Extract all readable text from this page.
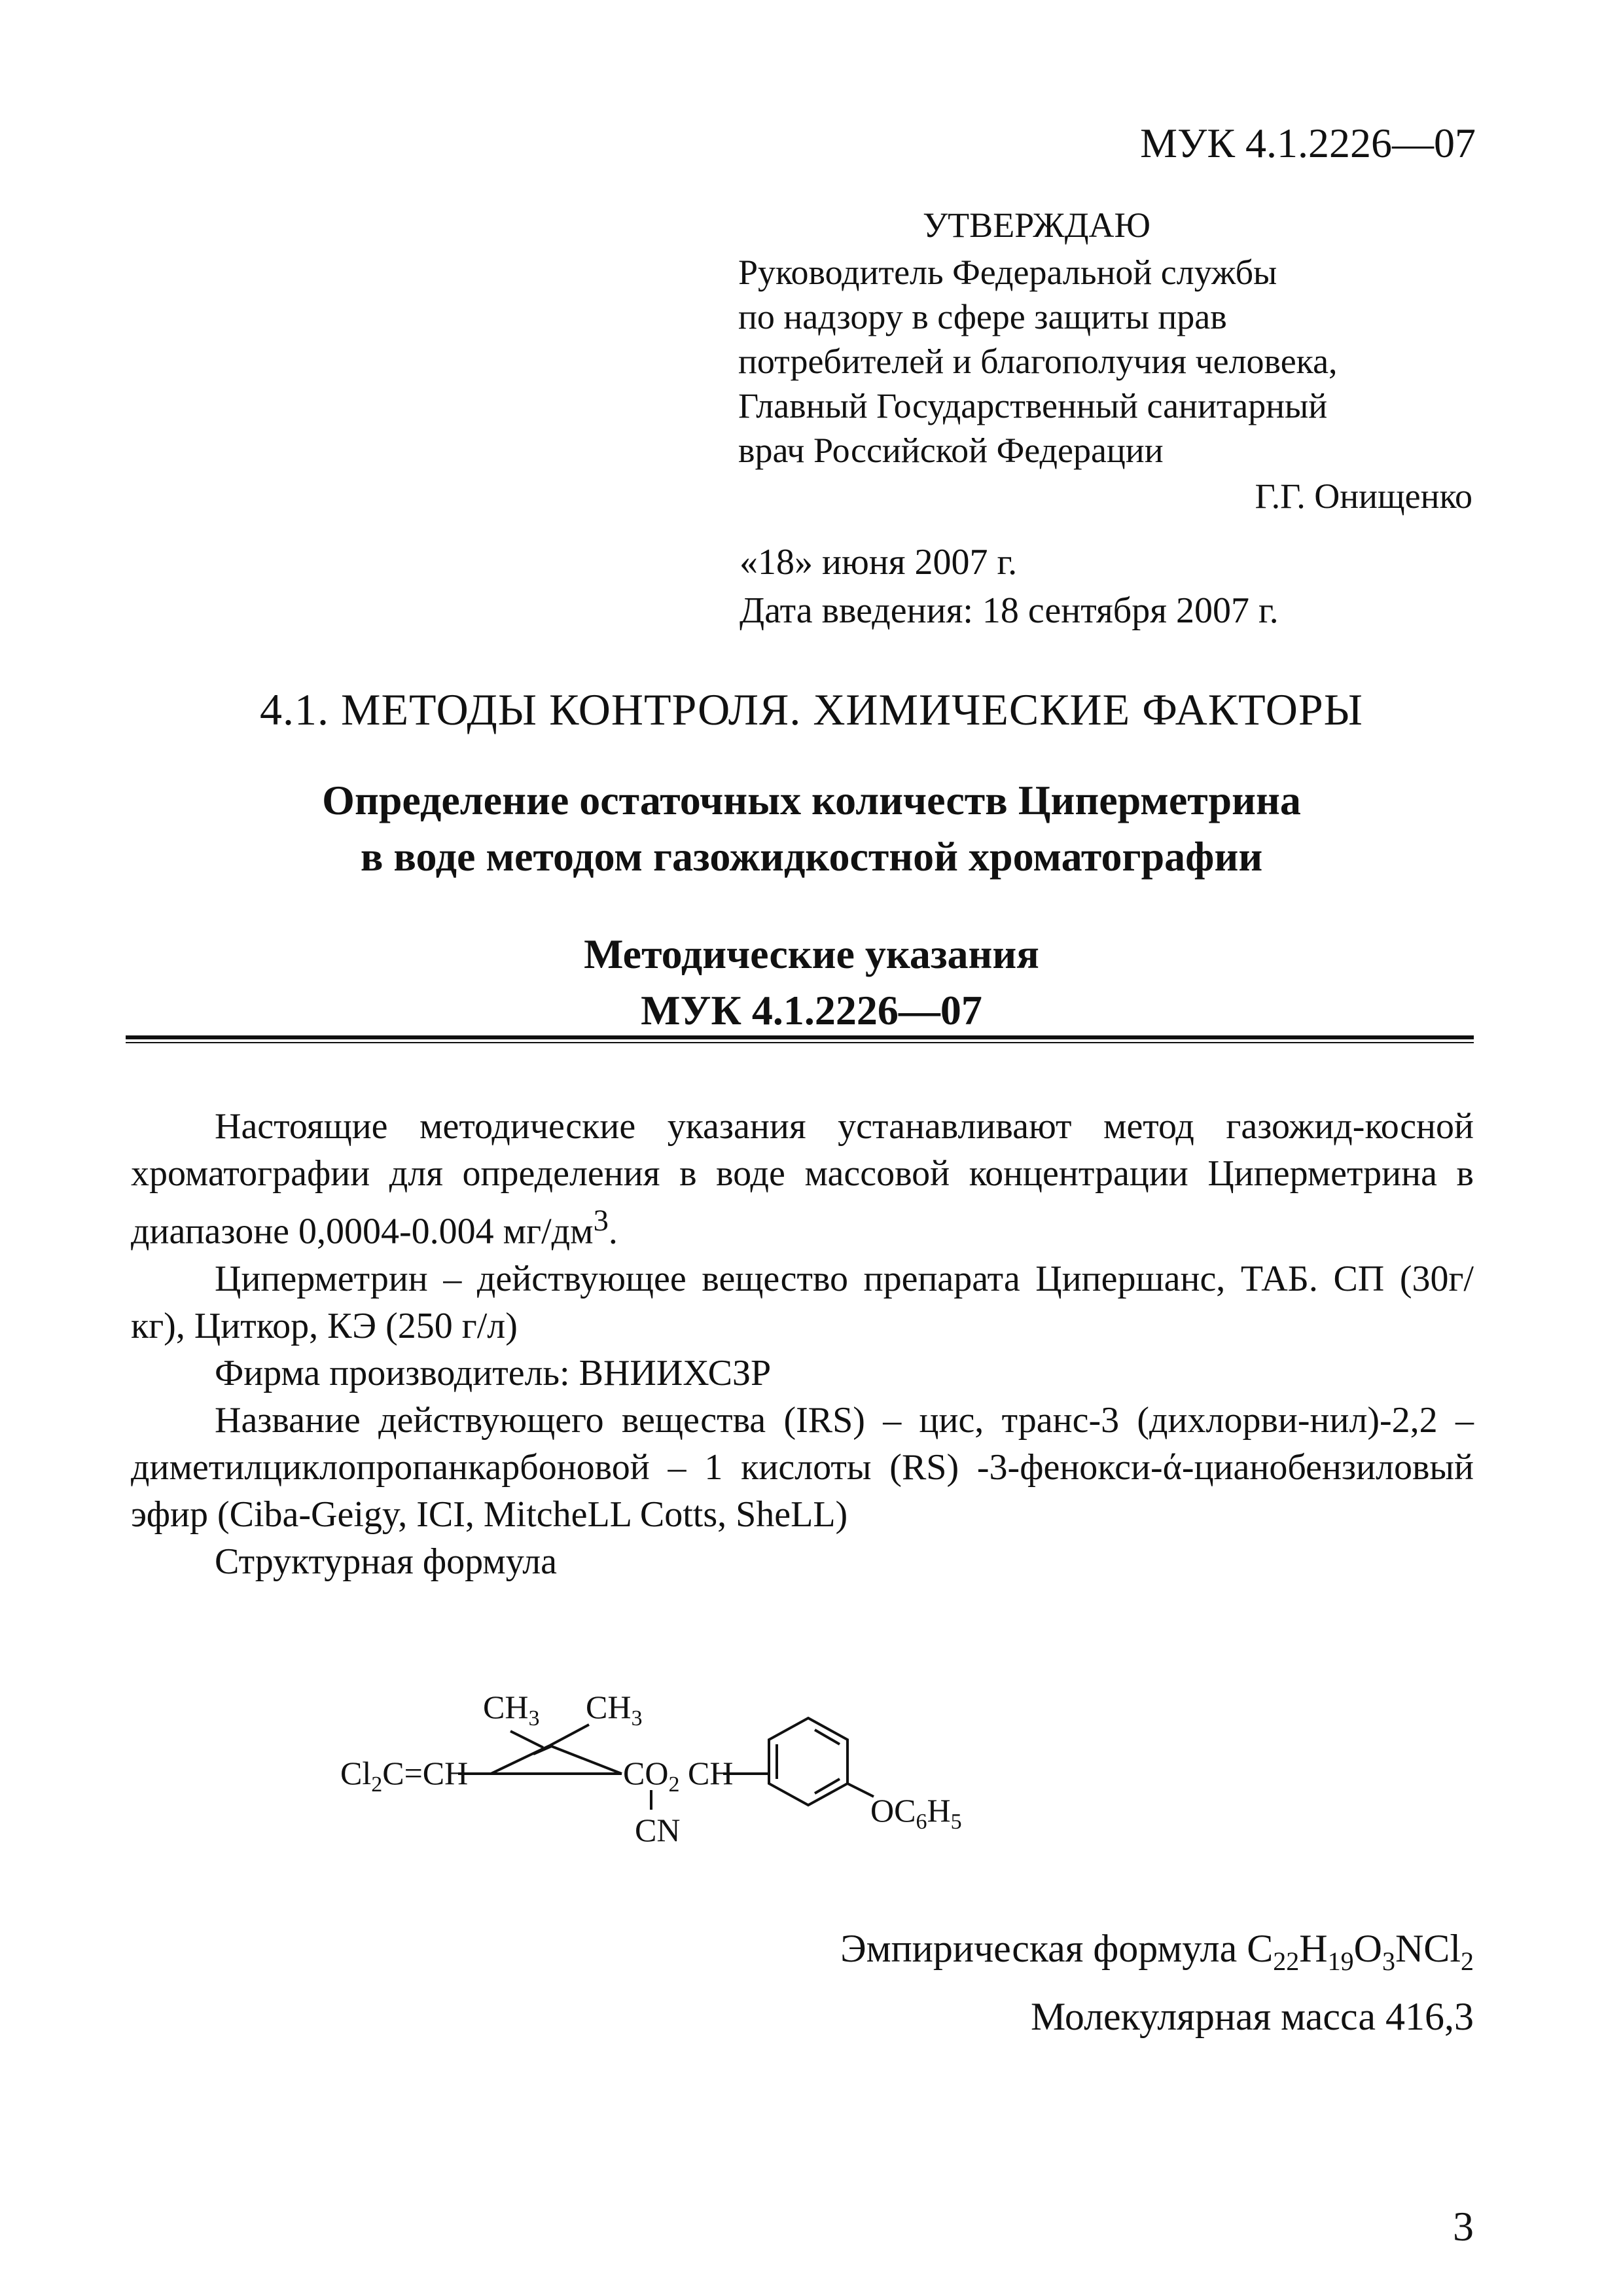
МУК 4.1.2226—07
УТВЕРЖДАЮ
Руководитель Федеральной службы
по надзору в сфере защиты прав
потребителей и благополучия человека,
Главный Государственный санитарный
врач Российской Федерации
Г.Г. Онищенко
«18» июня 2007 г.
Дата введения: 18 сентября 2007 г.
4.1. МЕТОДЫ КОНТРОЛЯ. ХИМИЧЕСКИЕ ФАКТОРЫ
Определение остаточных количеств Циперметрина
в воде методом газожидкостной хроматографии
Методические указания
МУК 4.1.2226—07

Настоящие методические указания устанавливают метод газожид-косной хроматографии для определения в воде массовой концентрации Циперметрина в диапазоне 0,0004-0.004 $мг/дм^3$.

Циперметрин – действующее вещество препарата Ципершанс, ТАБ. СП (30г/кг), Циткор, КЭ (250 г/л)

Фирма производитель: ВНИИХСЗР

Название действующего вещества (IRS) – цис, транс-3 (дихлорви-нил)-2,2 – диметилциклопропанкарбоновой – 1 кислоты (RS) -3-фенокси-ά-цианобензиловый эфир (Ciba-Geigy, ICI, MitcheLL Cotts, SheLL)

Структурная формула

$CH_3$ $CH_3$
$Cl_2C=CH$	$CO_2$ CH
CN
$OC_6H_5$
Эмпирическая формула $C_{22}H_{19}O_3NCl_2$
Молекулярная масса 416,3
3
